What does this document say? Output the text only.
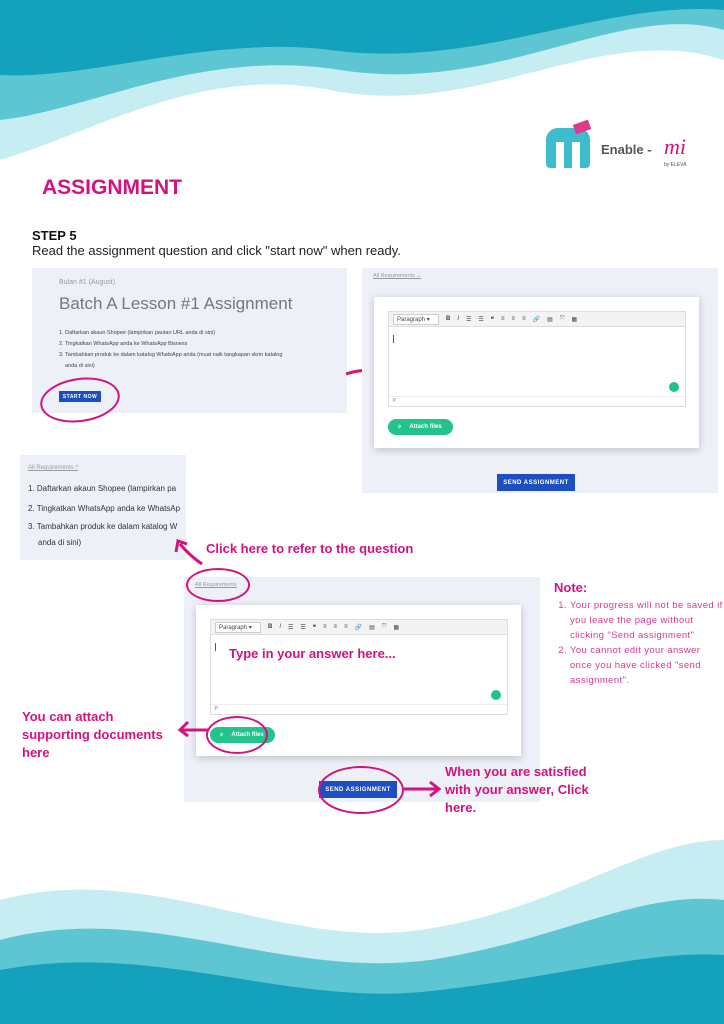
Enable - mi
by ELEVA
ASSIGNMENT
STEP 5
Read the assignment question and click "start now" when ready.
Bulan #1 (August)
Batch A Lesson #1 Assignment
1. Daftarkan akaun Shopee (lampirkan pautan URL anda di sini)
2. Tingkatkan WhatsApp anda ke WhatsApp Bisness
3. Tambahkan produk ke dalam katalog WhatsApp anda (muat naik tangkapan skrin katalog
anda di sini)
START NOW
All Requirements ⌄
Paragraph ▾	B I ☰ ☰ ❝ ≡ ≡ ≡ 🔗 ▤ ⤧ ▦
p
⌕ Attach files
SEND ASSIGNMENT
All Requirements ^
1. Daftarkan akaun Shopee (lampirkan pa
2. Tingkatkan WhatsApp anda ke WhatsAp
3. Tambahkan produk ke dalam katalog W
anda di sini)	Click here to refer to the question
All Requirements
Paragraph ▾	B I ☰ ☰ ❝ ≡ ≡ ≡ 🔗 ▤ ⤧ ▦
Type in your answer here...
p
⌕ Attach files
SEND ASSIGNMENT
You can attach supporting documents here
When you are satisfied with your answer, Click here.
Note:
1. Your progress will not be saved if you leave the page without clicking "Send assignment"
2. You cannot edit your answer once you have clicked "send assignment".
